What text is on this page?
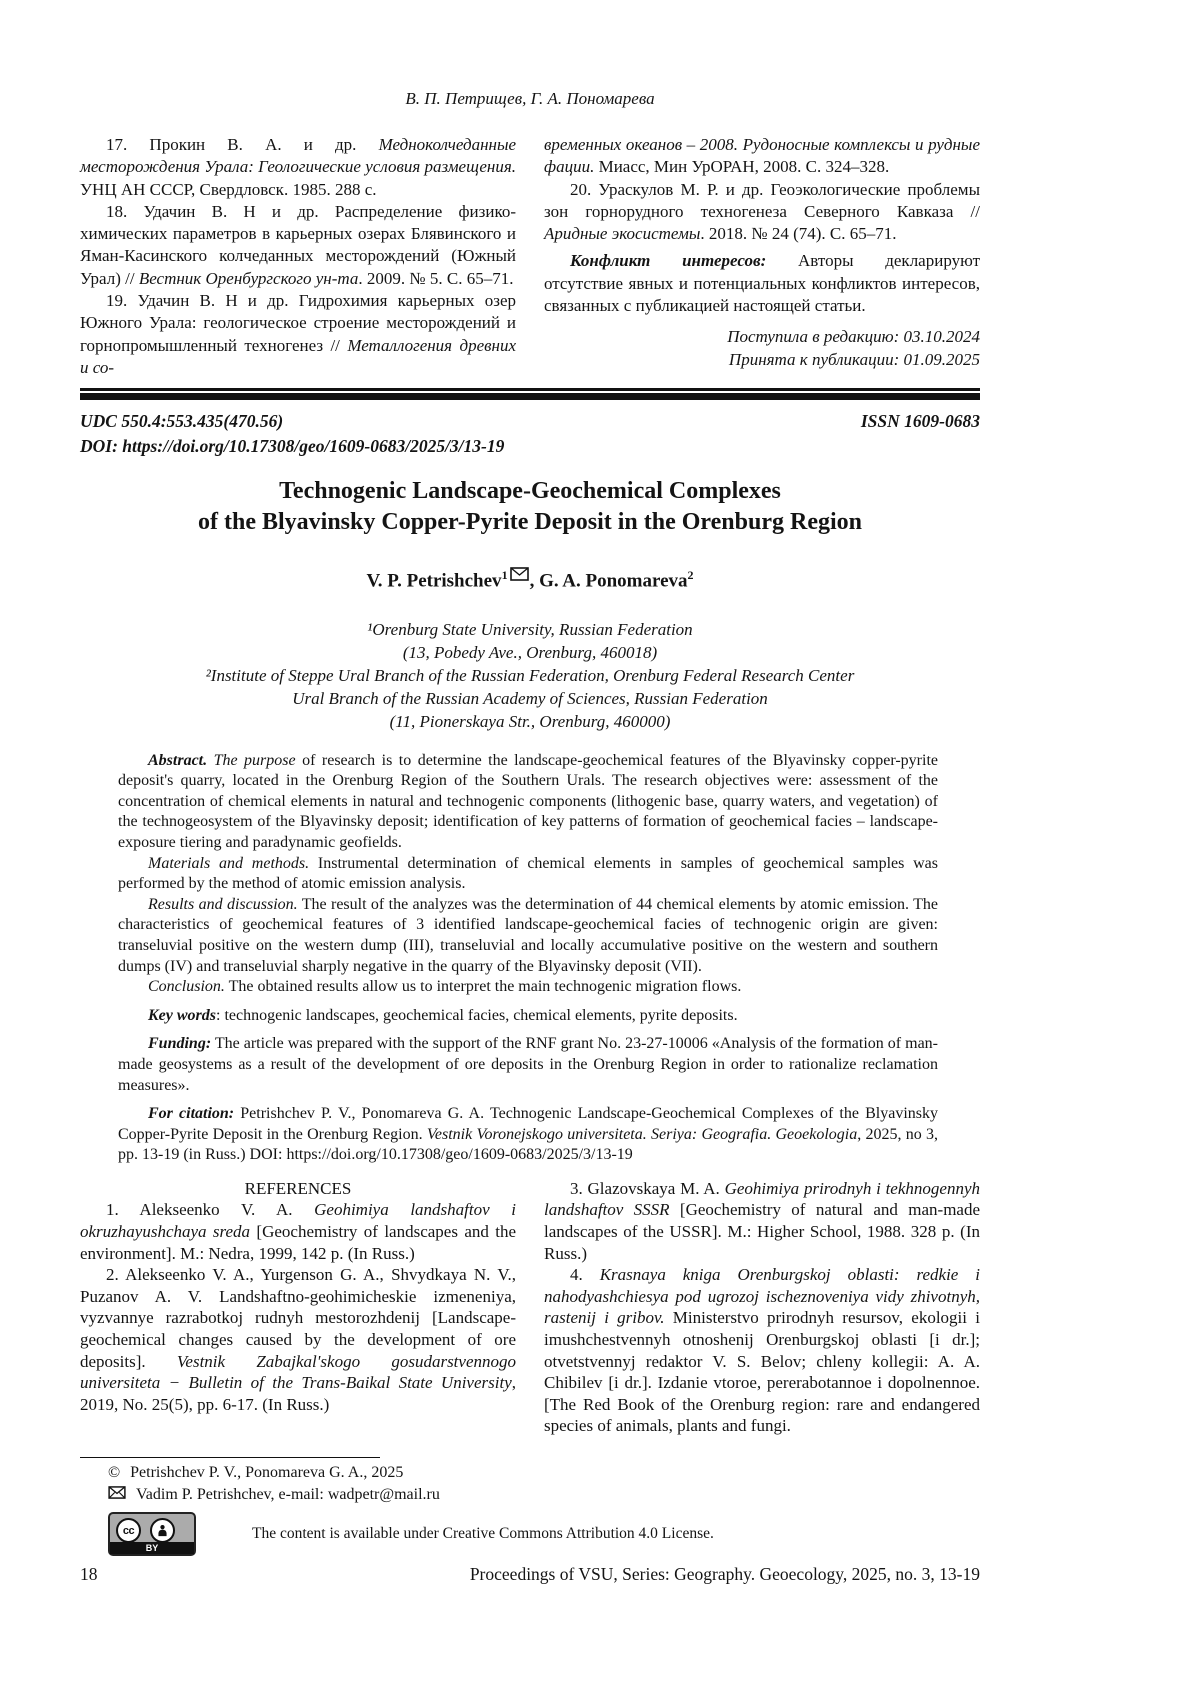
В. П. Петрищев, Г. А. Пономарева

17. Прокин В. А. и др. Медноколчеданные месторождения Урала: Геологические условия размещения. УНЦ АН СССР, Свердловск. 1985. 288 с.

18. Удачин В. Н и др. Распределение физико-химических параметров в карьерных озерах Блявинского и Яман-Касинского колчеданных месторождений (Южный Урал) // Вестник Оренбургского ун-та. 2009. № 5. С. 65–71.

19. Удачин В. Н и др. Гидрохимия карьерных озер Южного Урала: геологическое строение месторождений и горнопромышленный техногенез // Металлогения древних и со-

временных океанов – 2008. Рудоносные комплексы и рудные фации. Миасс, Мин УрОРАН, 2008. С. 324–328.

20. Ураскулов М. Р. и др. Геоэкологические проблемы зон горнорудного техногенеза Северного Кавказа // Аридные экосистемы. 2018. № 24 (74). С. 65–71.

Конфликт интересов: Авторы декларируют отсутствие явных и потенциальных конфликтов интересов, связанных с публикацией настоящей статьи.

Поступила в редакцию: 03.10.2024

Принята к публикации: 01.09.2025

UDC 550.4:553.435(470.56)	ISSN 1609-0683
DOI: https://doi.org/10.17308/geo/1609-0683/2025/3/13-19
Technogenic Landscape-Geochemical Complexes
of the Blyavinsky Copper-Pyrite Deposit in the Orenburg Region
V. P. Petrishchev$^1$ , G. A. Ponomareva$^2$
¹Orenburg State University, Russian Federation
(13, Pobedy Ave., Orenburg, 460018)
²Institute of Steppe Ural Branch of the Russian Federation, Orenburg Federal Research Center
Ural Branch of the Russian Academy of Sciences, Russian Federation
(11, Pionerskaya Str., Orenburg, 460000)

Abstract. The purpose of research is to determine the landscape-geochemical features of the Blyavinsky copper-pyrite deposit's quarry, located in the Orenburg Region of the Southern Urals. The research objectives were: assessment of the concentration of chemical elements in natural and technogenic components (lithogenic base, quarry waters, and vegetation) of the technogeosystem of the Blyavinsky deposit; identification of key patterns of formation of geochemical facies – landscape-exposure tiering and paradynamic geofields.

Materials and methods. Instrumental determination of chemical elements in samples of geochemical samples was performed by the method of atomic emission analysis.

Results and discussion. The result of the analyzes was the determination of 44 chemical elements by atomic emission. The characteristics of geochemical features of 3 identified landscape-geochemical facies of technogenic origin are given: transeluvial positive on the western dump (III), transeluvial and locally accumulative positive on the western and southern dumps (IV) and transeluvial sharply negative in the quarry of the Blyavinsky deposit (VII).

Conclusion. The obtained results allow us to interpret the main technogenic migration flows.

Key words: technogenic landscapes, geochemical facies, chemical elements, pyrite deposits.

Funding: The article was prepared with the support of the RNF grant No. 23-27-10006 «Analysis of the formation of man-made geosystems as a result of the development of ore deposits in the Orenburg Region in order to rationalize reclamation measures».

For citation: Petrishchev P. V., Ponomareva G. A. Technogenic Landscape-Geochemical Complexes of the Blyavinsky Copper-Pyrite Deposit in the Orenburg Region. Vestnik Voronejskogo universiteta. Seriya: Geografia. Geoekologia, 2025, no 3, pp. 13-19 (in Russ.) DOI: https://doi.org/10.17308/geo/1609-0683/2025/3/13-19

REFERENCES

1. Alekseenko V. A. Geohimiya landshaftov i okruzhayushchaya sreda [Geochemistry of landscapes and the environment]. M.: Nedra, 1999, 142 p. (In Russ.)

2. Alekseenko V. A., Yurgenson G. A., Shvydkaya N. V., Puzanov A. V. Landshaftno-geohimicheskie izmeneniya, vyzvannye razrabotkoj rudnyh mestorozhdenij [Landscape-geochemical changes caused by the development of ore deposits]. Vestnik Zabajkal'skogo gosudarstvennogo universiteta − Bulletin of the Trans-Baikal State University, 2019, No. 25(5), pp. 6-17. (In Russ.)

3. Glazovskaya M. A. Geohimiya prirodnyh i tekhnogennyh landshaftov SSSR [Geochemistry of natural and man-made landscapes of the USSR]. M.: Higher School, 1988. 328 p. (In Russ.)

4. Krasnaya kniga Orenburgskoj oblasti: redkie i nahodyashchiesya pod ugrozoj ischeznoveniya vidy zhivotnyh, rastenij i gribov. Ministerstvo prirodnyh resursov, ekologii i imushchestvennyh otnoshenij Orenburgskoj oblasti [i dr.]; otvetstvennyj redaktor V. S. Belov; chleny kollegii: A. A. Chibilev [i dr.]. Izdanie vtoroe, pererabotannoe i dopolnennoe. [The Red Book of the Orenburg region: rare and endangered species of animals, plants and fungi.

© Petrishchev P. V., Ponomareva G. A., 2025
Vadim P. Petrishchev, e-mail: wadpetr@mail.ru
cc
BY
The content is available under Creative Commons Attribution 4.0 License.
18	Proceedings of VSU, Series: Geography. Geoecology, 2025, no. 3, 13-19
